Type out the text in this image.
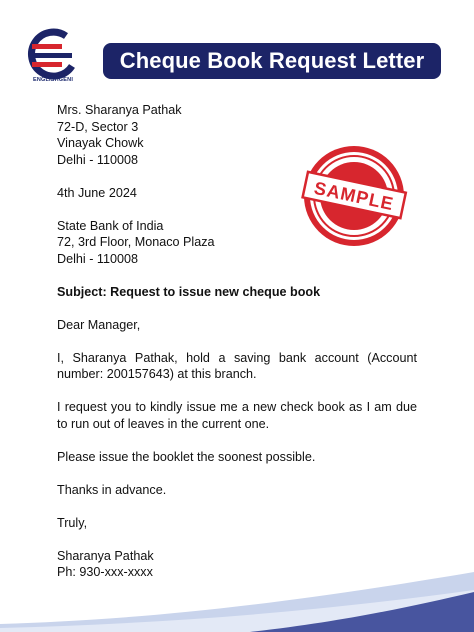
ENGLISHGENI
Cheque Book Request Letter
SAMPLE
Mrs. Sharanya Pathak
72-D, Sector 3
Vinayak Chowk
Delhi - 110008
4th June 2024
State Bank of India
72, 3rd Floor, Monaco Plaza
Delhi - 110008
Subject: Request to issue new cheque book
Dear Manager,
I, Sharanya Pathak, hold a saving bank account (Account number: 200157643) at this branch.
I request you to kindly issue me a new check book as I am due to run out of leaves in the current one.
Please issue the booklet the soonest possible.
Thanks in advance.
Truly,
Sharanya Pathak
Ph: 930-xxx-xxxx
